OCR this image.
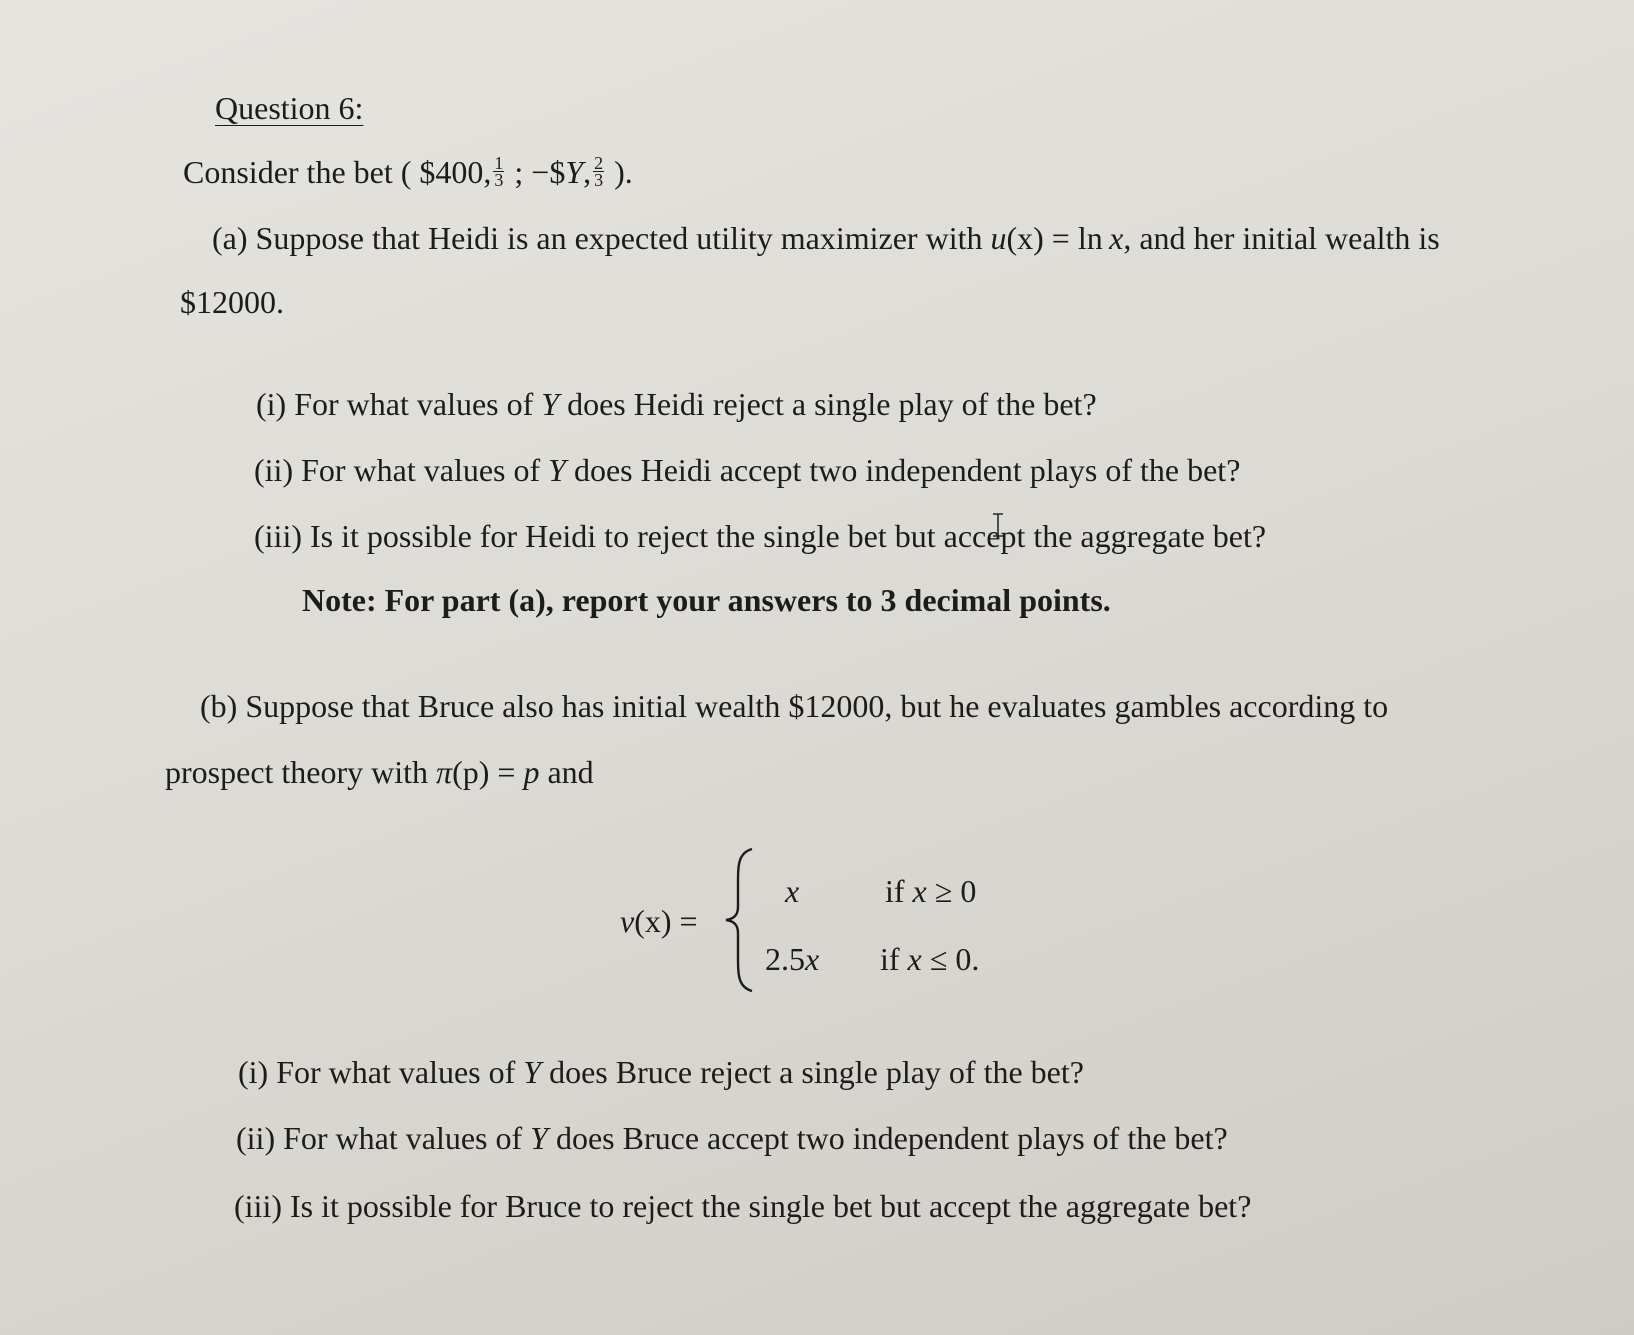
Question 6:
Consider the bet ( $400, $\frac{1}{3}$ ; −$Y, $\frac{2}{3}$ ).
(a) Suppose that Heidi is an expected utility maximizer with u(x) = ln  x, and her initial wealth is
$12000.
(i) For what values of Y does Heidi reject a single play of the bet?
(ii) For what values of Y does Heidi accept two independent plays of the bet?
(iii) Is it possible for Heidi to reject the single bet but accept the aggregate bet?
Note: For part (a), report your answers to 3 decimal points.
(b) Suppose that Bruce also has initial wealth $12000, but he evaluates gambles according to
prospect theory with π(p) = p and
v(x) =
x	if x ≥ 0
2.5x if x ≤ 0.
(i) For what values of Y does Bruce reject a single play of the bet?
(ii) For what values of Y does Bruce accept two independent plays of the bet?
(iii) Is it possible for Bruce to reject the single bet but accept the aggregate bet?
